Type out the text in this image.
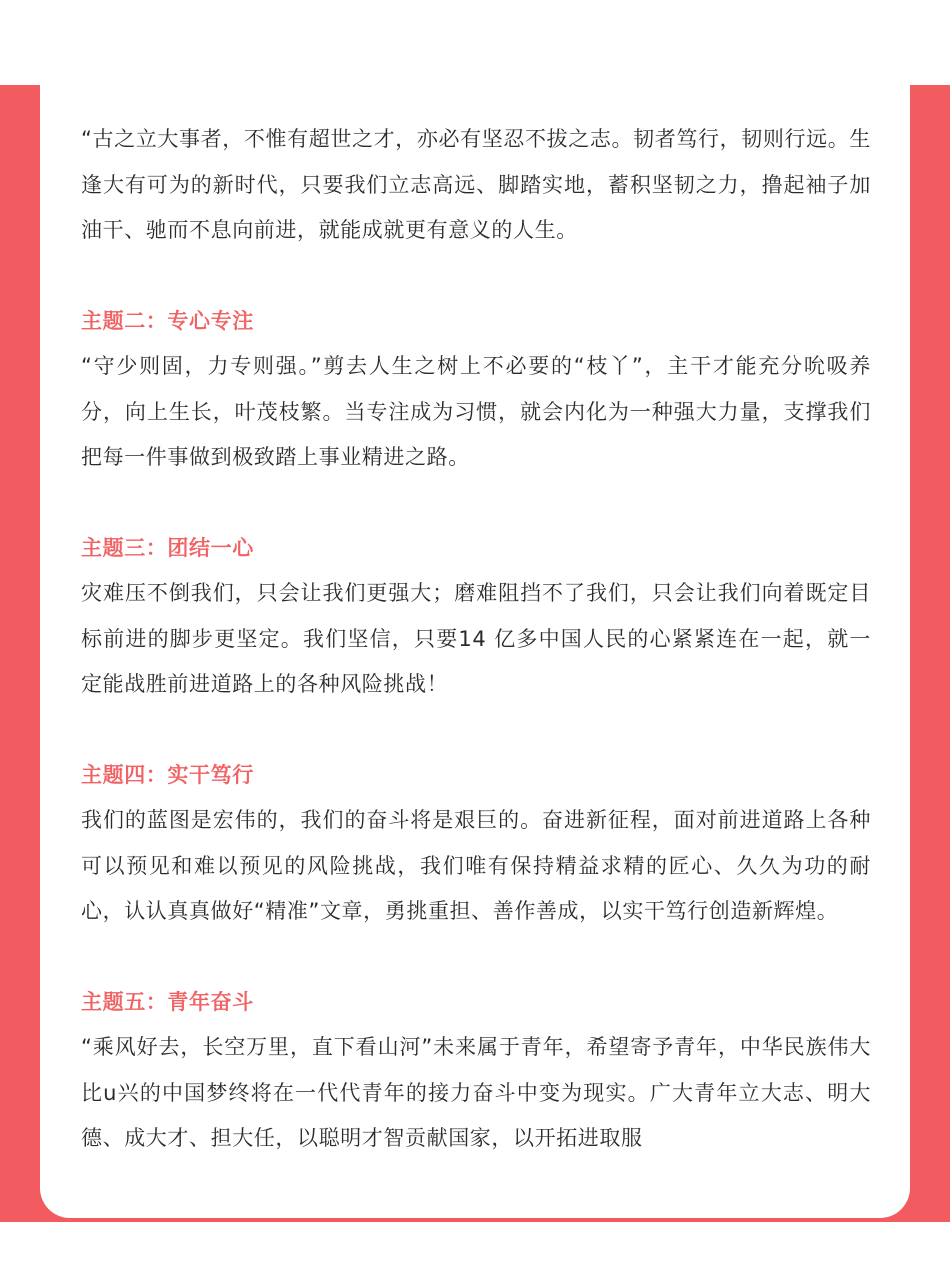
“古之立大事者，不惟有超世之才，亦必有坚忍不拔之志。韧者笃行，韧则行远。生逢大有可为的新时代，只要我们立志高远、脚踏实地，蓄积坚韧之力，撸起袖子加油干、驰而不息向前进，就能成就更有意义的人生。

主题二：专心专注

“守少则固，力专则强。”剪去人生之树上不必要的“枝丫”，主干才能充分吮吸养分，向上生长，叶茂枝繁。当专注成为习惯，就会内化为一种强大力量，支撑我们把每一件事做到极致踏上事业精进之路。

主题三：团结一心

灾难压不倒我们，只会让我们更强大；磨难阻挡不了我们，只会让我们向着既定目标前进的脚步更坚定。我们坚信，只要14 亿多中国人民的心紧紧连在一起，就一定能战胜前进道路上的各种风险挑战！

主题四：实干笃行

我们的蓝图是宏伟的，我们的奋斗将是艰巨的。奋进新征程，面对前进道路上各种可以预见和难以预见的风险挑战，我们唯有保持精益求精的匠心、久久为功的耐心，认认真真做好“精准”文章，勇挑重担、善作善成，以实干笃行创造新辉煌。

主题五：青年奋斗

“乘风好去，长空万里，直下看山河”未来属于青年，希望寄予青年，中华民族伟大比u兴的中国梦终将在一代代青年的接力奋斗中变为现实。广大青年立大志、明大德、成大才、担大任，以聪明才智贡献国家，以开拓进取服
